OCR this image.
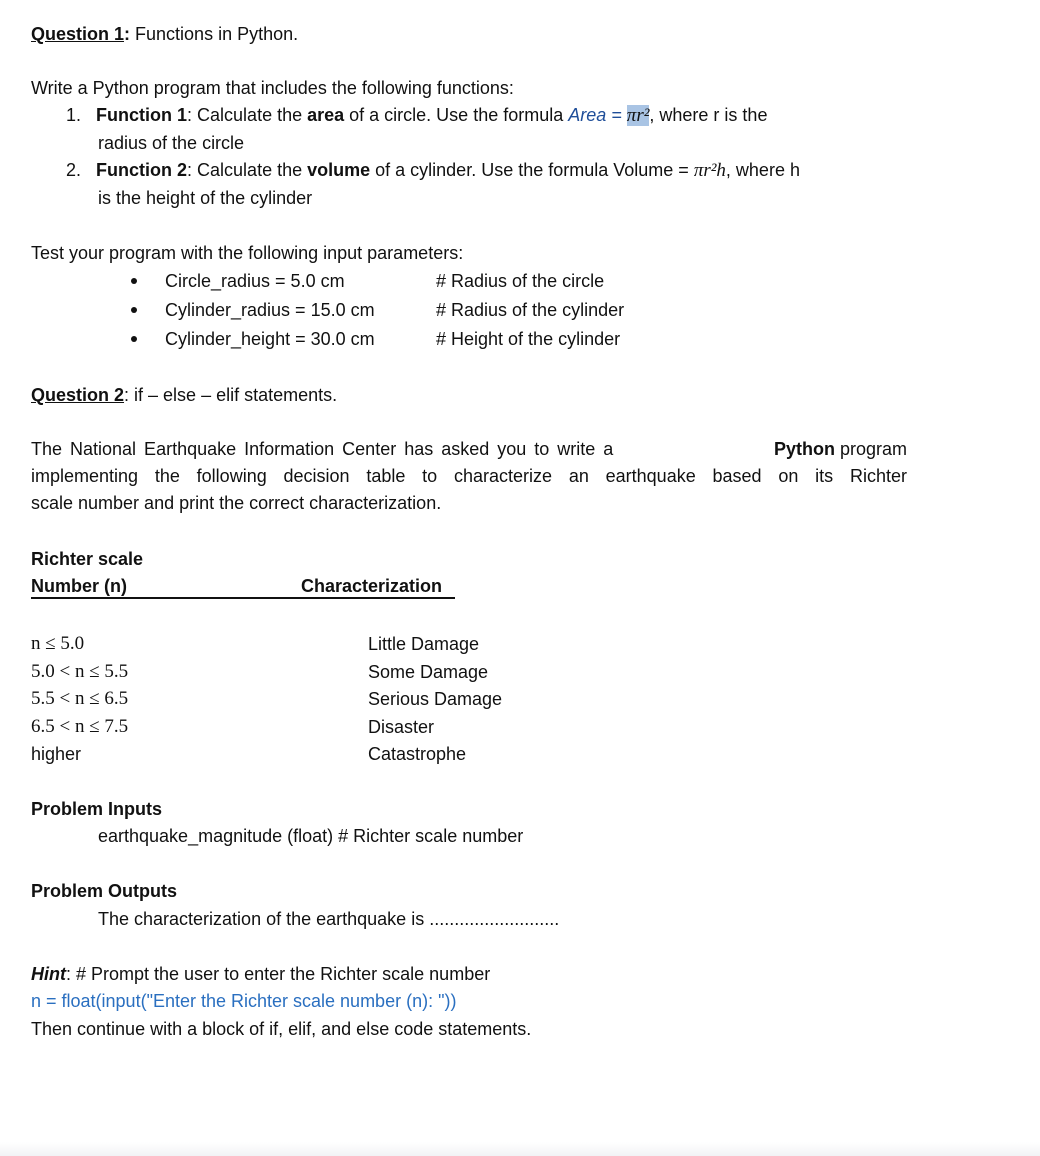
Question 1: Functions in Python.
Write a Python program that includes the following functions:
1. Function 1: Calculate the area of a circle. Use the formula Area = πr², where r is the
radius of the circle
2. Function 2: Calculate the volume of a cylinder. Use the formula Volume = πr²h, where h
is the height of the cylinder
Test your program with the following input parameters:
Circle_radius = 5.0 cm	# Radius of the circle
Cylinder_radius = 15.0 cm	# Radius of the cylinder
Cylinder_height = 30.0 cm	# Height of the cylinder
Question 2: if – else – elif statements.
The National Earthquake Information Center has asked you to write a	Python program
implementing the following decision table to characterize an earthquake based on its Richter
scale number and print the correct characterization.
Richter scale
Number (n)	Characterization
n ≤ 5.0	Little Damage
5.0 < n ≤ 5.5	Some Damage
5.5 < n ≤ 6.5	Serious Damage
6.5 < n ≤ 7.5	Disaster
higher	Catastrophe
Problem Inputs
earthquake_magnitude (float) # Richter scale number
Problem Outputs
The characterization of the earthquake is ..........................
Hint: # Prompt the user to enter the Richter scale number
n = float(input("Enter the Richter scale number (n): "))
Then continue with a block of if, elif, and else code statements.
